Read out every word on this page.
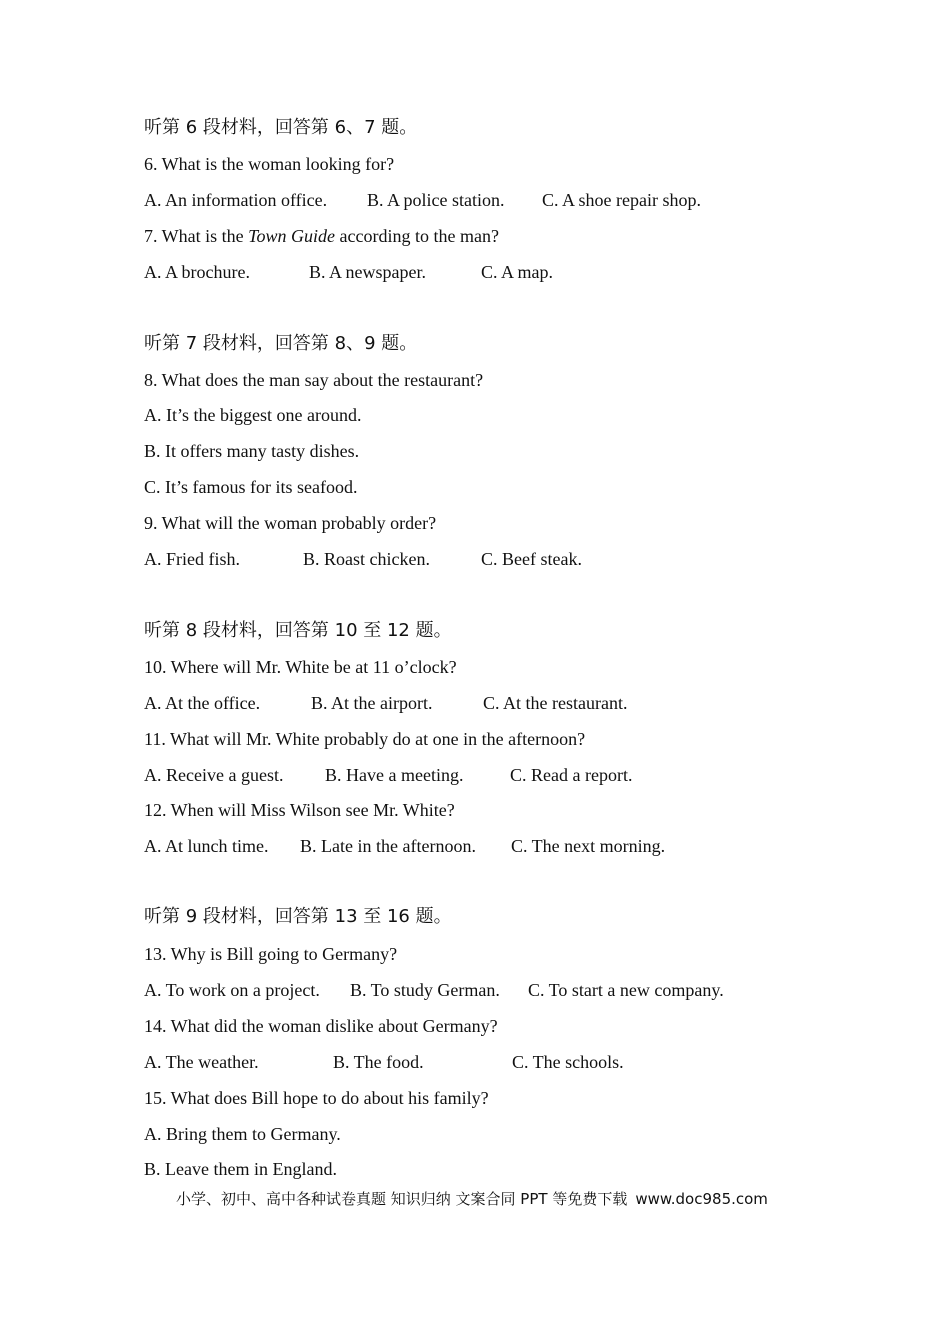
听第 6 段材料，回答第 6、7 题。
6. What is the woman looking for?
A. An information office. B. A police station. C. A shoe repair shop.
7. What is the Town Guide according to the man?
A. A brochure.	B. A newspaper.	C. A map.
听第 7 段材料，回答第 8、9 题。
8. What does the man say about the restaurant?
A. It’s the biggest one around.
B. It offers many tasty dishes.
C. It’s famous for its seafood.
9. What will the woman probably order?
A. Fried fish.	B. Roast chicken.	C. Beef steak.
听第 8 段材料，回答第 10 至 12 题。
10. Where will Mr. White be at 11 o’clock?
A. At the office.	B. At the airport.	C. At the restaurant.
11. What will Mr. White probably do at one in the afternoon?
A. Receive a guest. B. Have a meeting.	C. Read a report.
12. When will Miss Wilson see Mr. White?
A. At lunch time. B. Late in the afternoon. C. The next morning.
听第 9 段材料，回答第 13 至 16 题。
13. Why is Bill going to Germany?
A. To work on a project. B. To study German. C. To start a new company.
14. What did the woman dislike about Germany?
A. The weather.	B. The food.	C. The schools.
15. What does Bill hope to do about his family?
A. Bring them to Germany.
B. Leave them in England.
小学、初中、高中各种试卷真题 知识归纳 文案合同 PPT 等免费下载 www.doc985.com
